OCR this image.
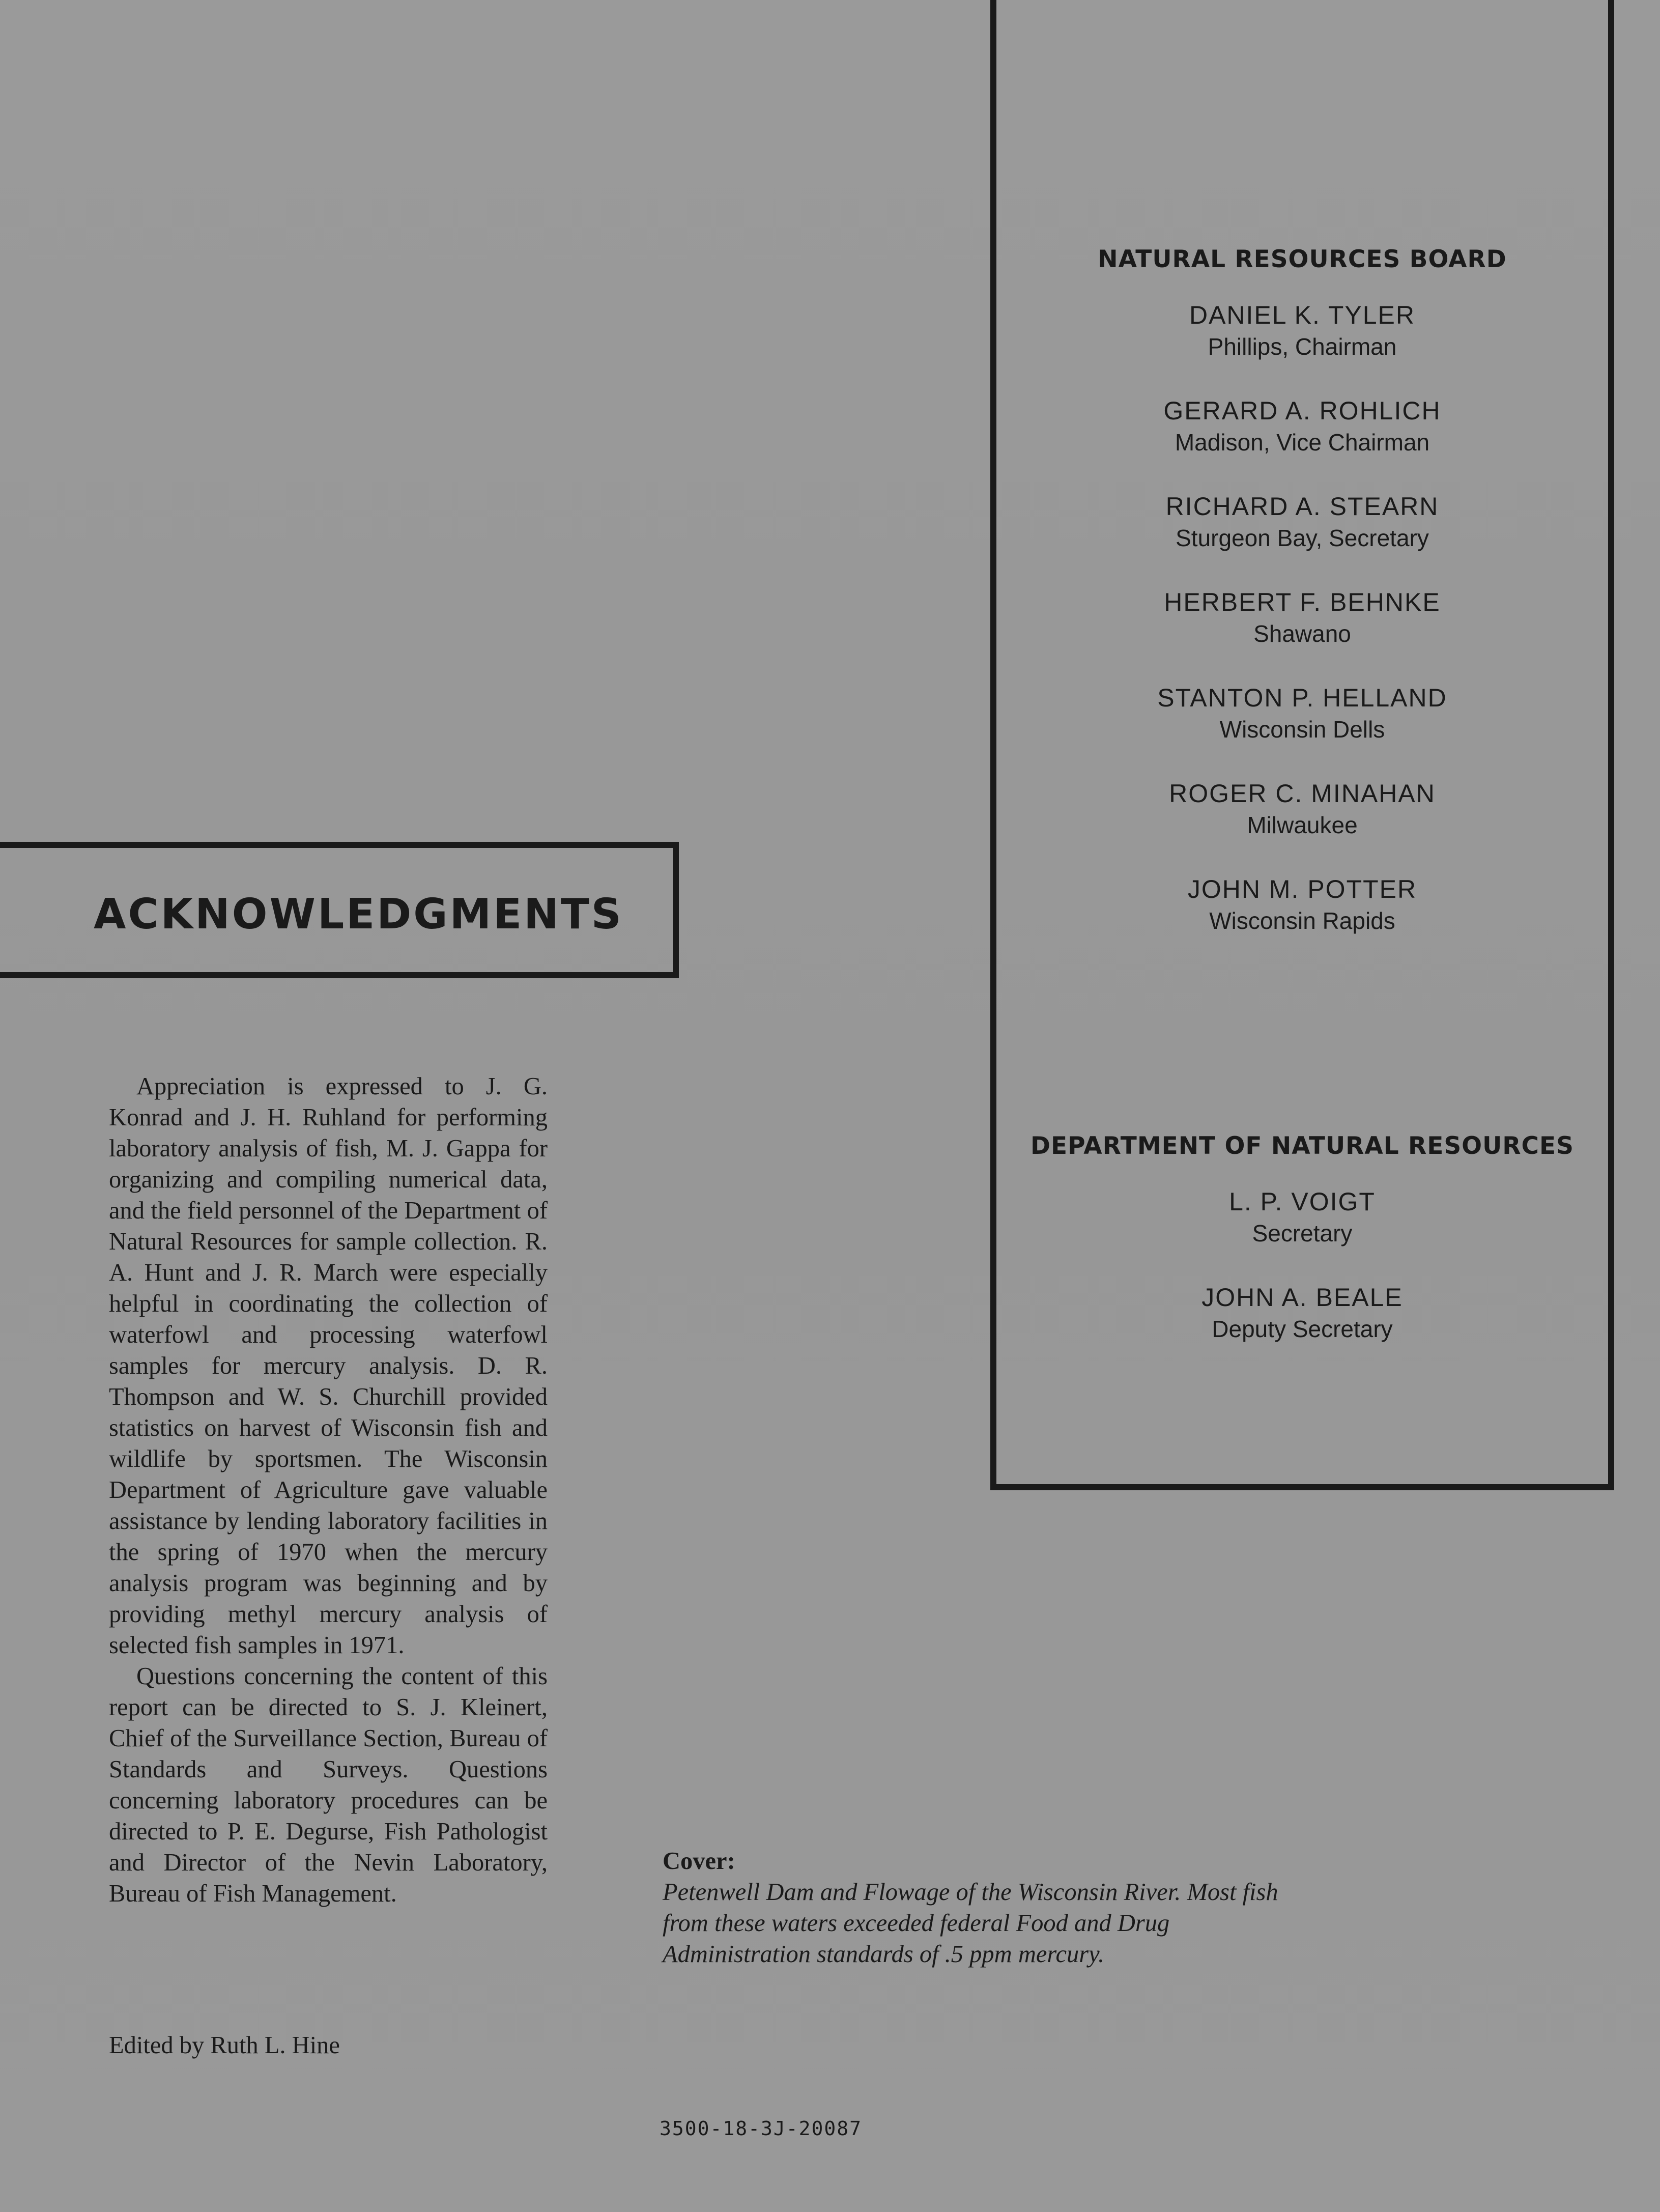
NATURAL RESOURCES BOARD
DANIEL K. TYLER
Phillips, Chairman
GERARD A. ROHLICH
Madison, Vice Chairman
RICHARD A. STEARN
Sturgeon Bay, Secretary
HERBERT F. BEHNKE
Shawano
STANTON P. HELLAND
Wisconsin Dells
ROGER C. MINAHAN
Milwaukee
JOHN M. POTTER
Wisconsin Rapids
DEPARTMENT OF NATURAL RESOURCES
L. P. VOIGT
Secretary
JOHN A. BEALE
Deputy Secretary
ACKNOWLEDGMENTS

Appreciation is expressed to J. G. Konrad and J. H. Ruhland for performing laboratory analysis of fish, M. J. Gappa for organizing and compiling numerical data, and the field personnel of the Department of Natural Resources for sample collection. R. A. Hunt and J. R. March were especially helpful in coordinating the collection of waterfowl and processing waterfowl samples for mercury analysis. D. R. Thompson and W. S. Churchill provided statistics on harvest of Wisconsin fish and wildlife by sportsmen. The Wisconsin Department of Agriculture gave valuable assistance by lending laboratory facilities in the spring of 1970 when the mercury analysis program was beginning and by providing methyl mercury analysis of selected fish samples in 1971.

Questions concerning the content of this report can be directed to S. J. Kleinert, Chief of the Surveillance Section, Bureau of Standards and Surveys. Questions concerning laboratory procedures can be directed to P. E. Degurse, Fish Pathologist and Director of the Nevin Laboratory, Bureau of Fish Management.

Edited by Ruth L. Hine
Cover:
Petenwell Dam and Flowage of the Wisconsin River. Most fish from these waters exceeded federal Food and Drug Administration standards of .5 ppm mercury.
3500-18-3J-20087
